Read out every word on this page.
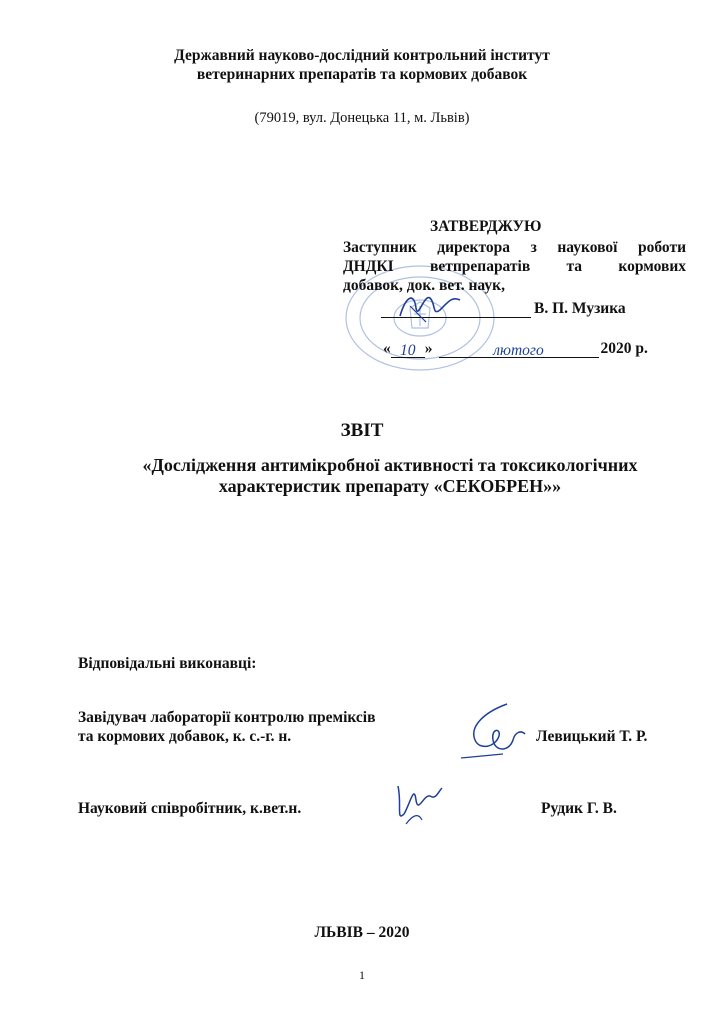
Державний науково-дослідний контрольний інститут
ветеринарних препаратів та кормових добавок
(79019, вул. Донецька 11, м. Львів)
ЗАТВЕРДЖУЮ
Заступник директора з наукової роботи
ДНДКІ ветпрепаратів та кормових
добавок, док. вет. наук,
В. П. Музика
« 10 »	лютого	2020 р.
ЗВІТ
«Дослідження антимікробної активності та токсикологічних
характеристик препарату «СЕКОБРЕН»»
Відповідальні виконавці:
Завідувач лабораторії контролю преміксів
та кормових добавок, к. с.-г. н.	Левицький Т. Р.
Науковий співробітник, к.вет.н.	Рудик Г. В.
ЛЬВІВ – 2020
1
